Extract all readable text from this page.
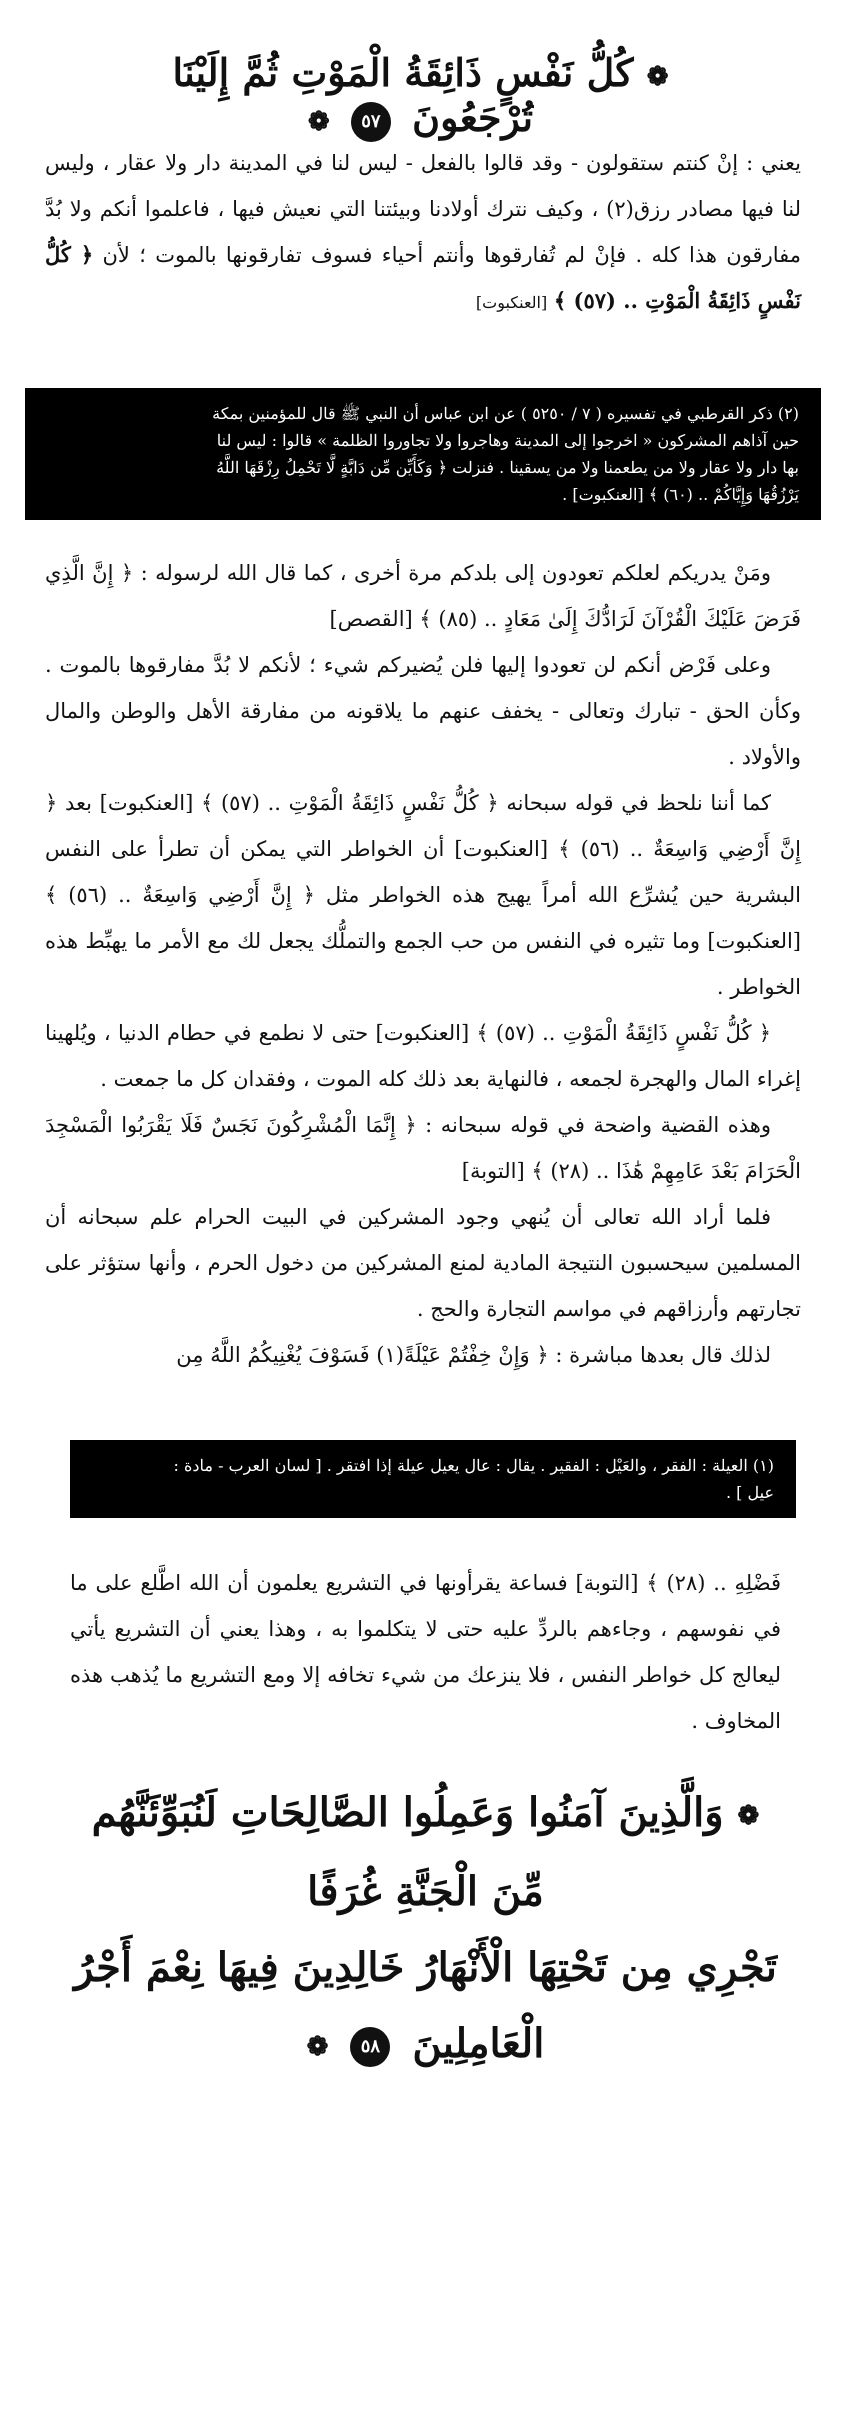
❁ كُلُّ نَفْسٍ ذَائِقَةُ الْمَوْتِ ثُمَّ إِلَيْنَا تُرْجَعُونَ ٥٧ ❁

يعني : إنْ كنتم ستقولون - وقد قالوا بالفعل - ليس لنا في المدينة دار ولا عقار ، وليس لنا فيها مصادر رزق(٢) ، وكيف نترك أولادنا وبيئتنا التي نعيش فيها ، فاعلموا أنكم ولا بُدَّ مفارقون هذا كله . فإنْ لم تُفارقوها وأنتم أحياء فسوف تفارقونها بالموت ؛ لأن ﴿ كُلُّ نَفْسٍ ذَائِقَةُ الْمَوْتِ .. (٥٧) ﴾ [العنكبوت]

(٢) ذكر القرطبي في تفسيره ( ٧ / ٥٢٥٠ ) عن ابن عباس أن النبي ﷺ قال للمؤمنين بمكة
حين آذاهم المشركون « اخرجوا إلى المدينة وهاجروا ولا تجاوروا الظلمة » قالوا : ليس لنا
بها دار ولا عقار ولا من يطعمنا ولا من يسقينا . فنزلت ﴿ وَكَأَيِّن مِّن دَابَّةٍ لَّا تَحْمِلُ رِزْقَهَا اللَّهُ
يَرْزُقُهَا وَإِيَّاكُمْ .. (٦٠) ﴾ [العنكبوت] .

ومَنْ يدريكم لعلكم تعودون إلى بلدكم مرة أخرى ، كما قال الله لرسوله : ﴿ إِنَّ الَّذِي فَرَضَ عَلَيْكَ الْقُرْآنَ لَرَادُّكَ إِلَىٰ مَعَادٍ .. (٨٥) ﴾ [القصص]

وعلى فَرْض أنكم لن تعودوا إليها فلن يُضيركم شيء ؛ لأنكم لا بُدَّ مفارقوها بالموت . وكأن الحق - تبارك وتعالى - يخفف عنهم ما يلاقونه من مفارقة الأهل والوطن والمال والأولاد .

كما أننا نلحظ في قوله سبحانه ﴿ كُلُّ نَفْسٍ ذَائِقَةُ الْمَوْتِ .. (٥٧) ﴾ [العنكبوت] بعد ﴿ إِنَّ أَرْضِي وَاسِعَةٌ .. (٥٦) ﴾ [العنكبوت] أن الخواطر التي يمكن أن تطرأ على النفس البشرية حين يُشرِّع الله أمراً يهيج هذه الخواطر مثل ﴿ إِنَّ أَرْضِي وَاسِعَةٌ .. (٥٦) ﴾ [العنكبوت] وما تثيره في النفس من حب الجمع والتملُّك يجعل لك مع الأمر ما يهبِّط هذه الخواطر .

﴿ كُلُّ نَفْسٍ ذَائِقَةُ الْمَوْتِ .. (٥٧) ﴾ [العنكبوت] حتى لا نطمع في حطام الدنيا ، ويُلهينا إغراء المال والهجرة لجمعه ، فالنهاية بعد ذلك كله الموت ، وفقدان كل ما جمعت .

وهذه القضية واضحة في قوله سبحانه : ﴿ إِنَّمَا الْمُشْرِكُونَ نَجَسٌ فَلَا يَقْرَبُوا الْمَسْجِدَ الْحَرَامَ بَعْدَ عَامِهِمْ هَٰذَا .. (٢٨) ﴾ [التوبة]

فلما أراد الله تعالى أن يُنهي وجود المشركين في البيت الحرام علم سبحانه أن المسلمين سيحسبون النتيجة المادية لمنع المشركين من دخول الحرم ، وأنها ستؤثر على تجارتهم وأرزاقهم في مواسم التجارة والحج .

لذلك قال بعدها مباشرة : ﴿ وَإِنْ خِفْتُمْ عَيْلَةً(١) فَسَوْفَ يُغْنِيكُمُ اللَّهُ مِن

(١) العيلة : الفقر ، والعَيْل : الفقير . يقال : عال يعيل عيلة إذا افتقر . [ لسان العرب - مادة :
عيل ] .

فَضْلِهِ .. (٢٨) ﴾ [التوبة] فساعة يقرأونها في التشريع يعلمون أن الله اطَّلع على ما في نفوسهم ، وجاءهم بالردِّ عليه حتى لا يتكلموا به ، وهذا يعني أن التشريع يأتي ليعالج كل خواطر النفس ، فلا ينزعك من شيء تخافه إلا ومع التشريع ما يُذهب هذه المخاوف .

❁ وَالَّذِينَ آمَنُوا وَعَمِلُوا الصَّالِحَاتِ لَنُبَوِّئَنَّهُم مِّنَ الْجَنَّةِ غُرَفًا
تَجْرِي مِن تَحْتِهَا الْأَنْهَارُ خَالِدِينَ فِيهَا نِعْمَ أَجْرُ الْعَامِلِينَ ٥٨ ❁
